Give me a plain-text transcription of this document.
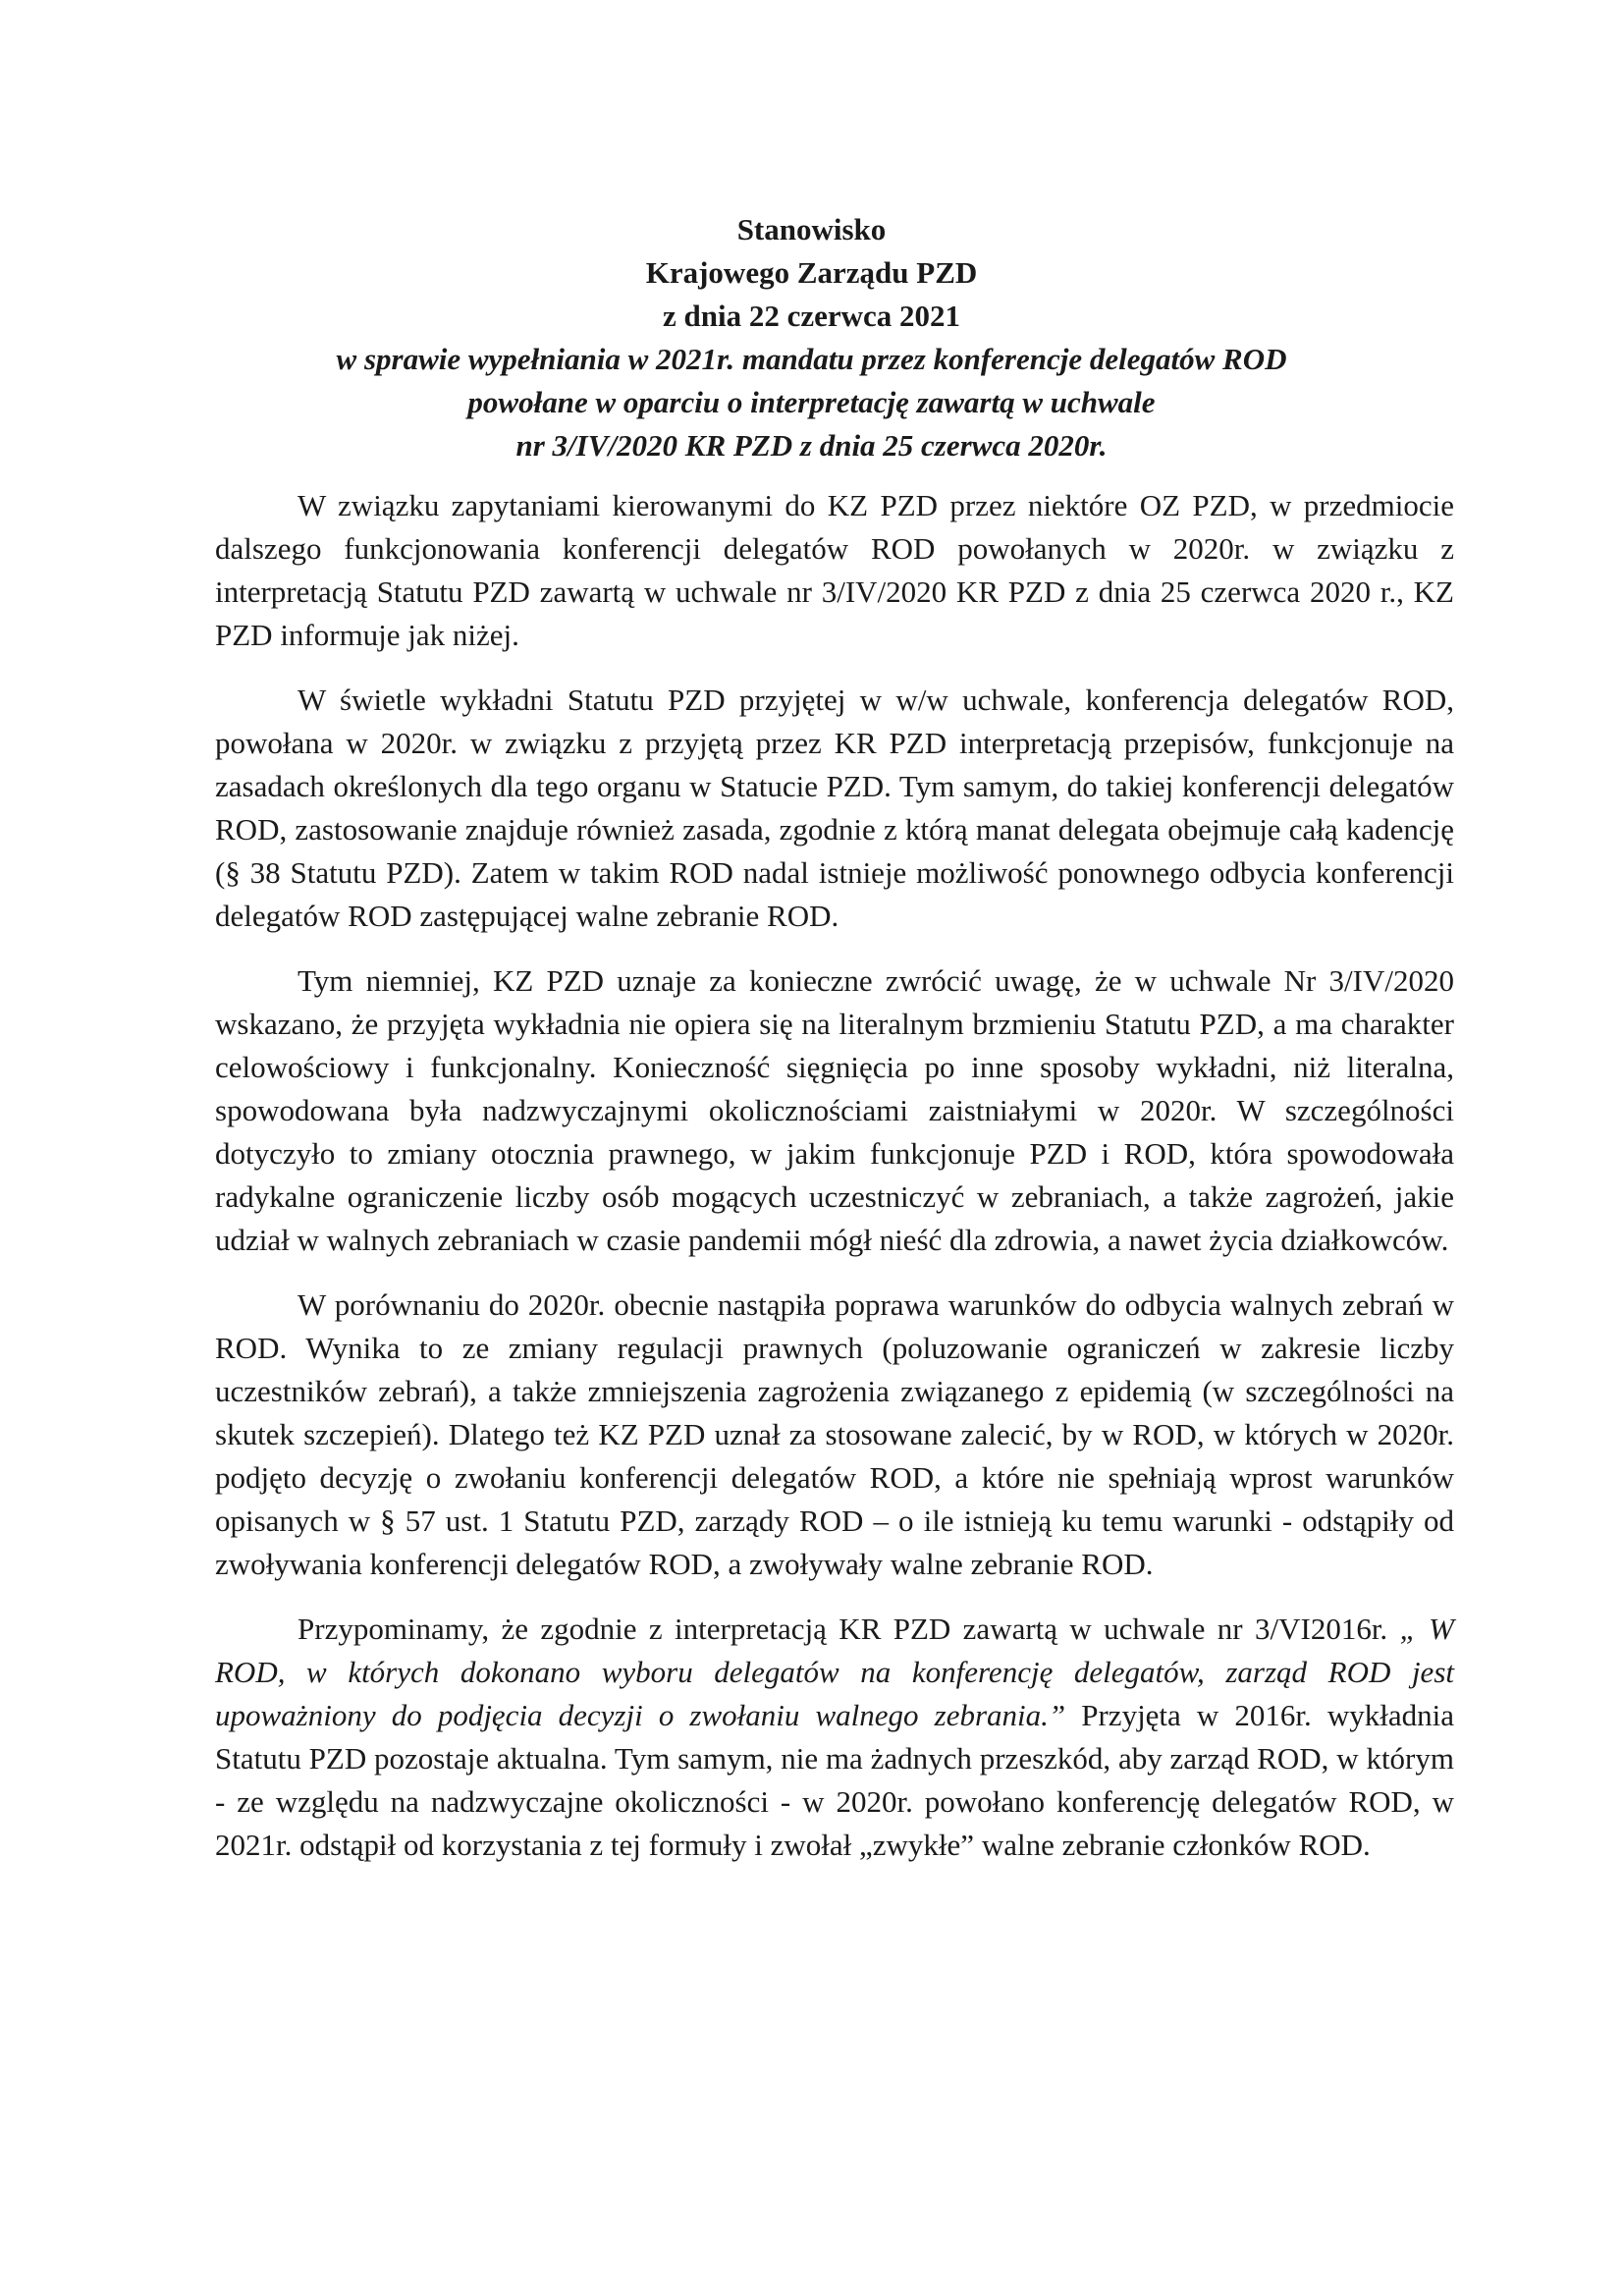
Stanowisko
Krajowego Zarządu PZD
z dnia 22 czerwca 2021
w sprawie wypełniania w 2021r. mandatu przez konferencje delegatów ROD
powołane w oparciu o interpretację zawartą w uchwale
nr 3/IV/2020 KR PZD z dnia 25 czerwca 2020r.

W związku zapytaniami kierowanymi do KZ PZD przez niektóre OZ PZD, w przedmiocie dalszego funkcjonowania konferencji delegatów ROD powołanych w 2020r. w związku z interpretacją Statutu PZD zawartą w uchwale nr 3/IV/2020 KR PZD z dnia 25 czerwca 2020 r., KZ PZD informuje jak niżej.

W świetle wykładni Statutu PZD przyjętej w w/w uchwale, konferencja delegatów ROD, powołana w 2020r. w związku z przyjętą przez KR PZD interpretacją przepisów, funkcjonuje na zasadach określonych dla tego organu w Statucie PZD. Tym samym, do takiej konferencji delegatów ROD, zastosowanie znajduje również zasada, zgodnie z którą manat delegata obejmuje całą kadencję (§ 38 Statutu PZD). Zatem w takim ROD nadal istnieje możliwość ponownego odbycia konferencji delegatów ROD zastępującej walne zebranie ROD.

Tym niemniej, KZ PZD uznaje za konieczne zwrócić uwagę, że w uchwale Nr 3/IV/2020 wskazano, że przyjęta wykładnia nie opiera się na literalnym brzmieniu Statutu PZD, a ma charakter celowościowy i funkcjonalny. Konieczność sięgnięcia po inne sposoby wykładni, niż literalna, spowodowana była nadzwyczajnymi okolicznościami zaistniałymi w 2020r. W szczególności dotyczyło to zmiany otocznia prawnego, w jakim funkcjonuje PZD i ROD, która spowodowała radykalne ograniczenie liczby osób mogących uczestniczyć w zebraniach, a także zagrożeń, jakie udział w walnych zebraniach w czasie pandemii mógł nieść dla zdrowia, a nawet życia działkowców.

W porównaniu do 2020r. obecnie nastąpiła poprawa warunków do odbycia walnych zebrań w ROD. Wynika to ze zmiany regulacji prawnych (poluzowanie ograniczeń w zakresie liczby uczestników zebrań), a także zmniejszenia zagrożenia związanego z epidemią (w szczególności na skutek szczepień). Dlatego też KZ PZD uznał za stosowane zalecić, by w ROD, w których w 2020r. podjęto decyzję o zwołaniu konferencji delegatów ROD, a które nie spełniają wprost warunków opisanych w § 57 ust. 1 Statutu PZD, zarządy ROD – o ile istnieją ku temu warunki - odstąpiły od zwoływania konferencji delegatów ROD, a zwoływały walne zebranie ROD.

Przypominamy, że zgodnie z interpretacją KR PZD zawartą w uchwale nr 3/VI2016r. „ W ROD, w których dokonano wyboru delegatów na konferencję delegatów, zarząd ROD jest upoważniony do podjęcia decyzji o zwołaniu walnego zebrania.” Przyjęta w 2016r. wykładnia Statutu PZD pozostaje aktualna. Tym samym, nie ma żadnych przeszkód, aby zarząd ROD, w którym - ze względu na nadzwyczajne okoliczności - w 2020r. powołano konferencję delegatów ROD, w 2021r. odstąpił od korzystania z tej formuły i zwołał „zwykłe” walne zebranie członków ROD.
